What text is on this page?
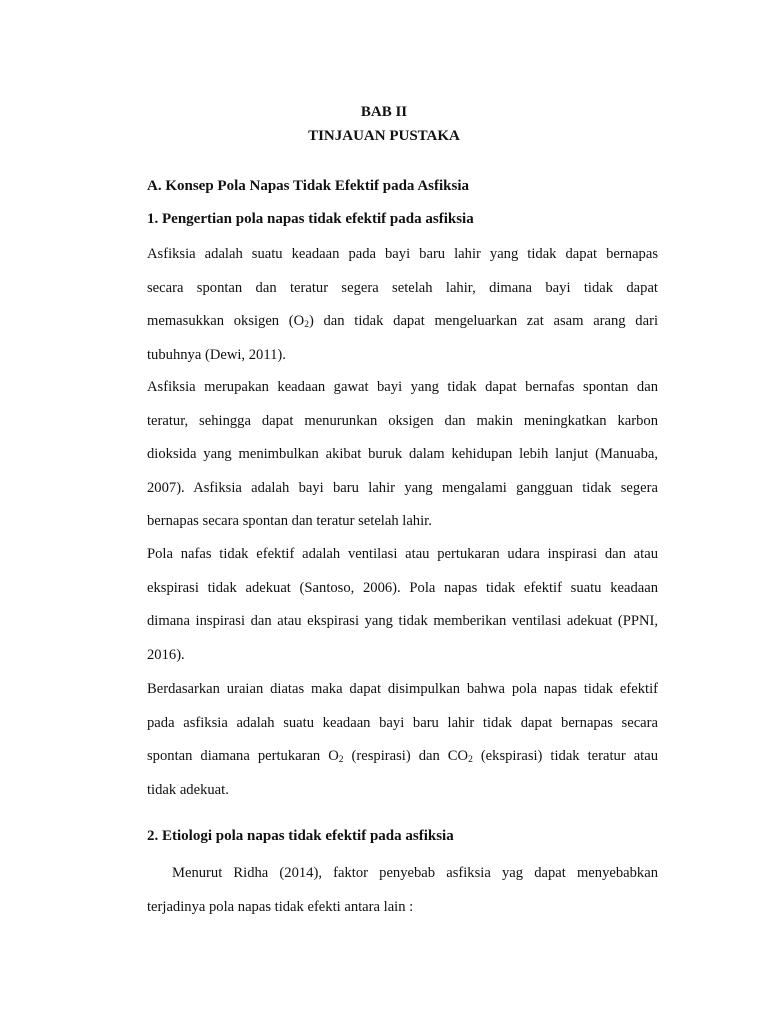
BAB II
TINJAUAN PUSTAKA
A. Konsep Pola Napas Tidak Efektif pada Asfiksia
1. Pengertian pola napas tidak efektif pada asfiksia
Asfiksia adalah suatu keadaan pada bayi baru lahir yang tidak dapat bernapas
secara spontan dan teratur segera setelah lahir, dimana bayi tidak dapat
memasukkan oksigen $(O_2)$ dan tidak dapat mengeluarkan zat asam arang dari
tubuhnya (Dewi, 2011).
Asfiksia merupakan keadaan gawat bayi yang tidak dapat bernafas spontan dan
teratur, sehingga dapat menurunkan oksigen dan makin meningkatkan karbon
dioksida yang menimbulkan akibat buruk dalam kehidupan lebih lanjut (Manuaba,
2007). Asfiksia adalah bayi baru lahir yang mengalami gangguan tidak segera
bernapas secara spontan dan teratur setelah lahir.
Pola nafas tidak efektif adalah ventilasi atau pertukaran udara inspirasi dan atau
ekspirasi tidak adekuat (Santoso, 2006). Pola napas tidak efektif suatu keadaan
dimana inspirasi dan atau ekspirasi yang tidak memberikan ventilasi adekuat (PPNI,
2016).
Berdasarkan uraian diatas maka dapat disimpulkan bahwa pola napas tidak efektif
pada asfiksia adalah suatu keadaan bayi baru lahir tidak dapat bernapas secara
spontan diamana pertukaran $O_2$ (respirasi) dan $CO_2$ (ekspirasi) tidak teratur atau
tidak adekuat.
2. Etiologi pola napas tidak efektif pada asfiksia
Menurut Ridha (2014), faktor penyebab asfiksia yag dapat menyebabkan
terjadinya pola napas tidak efekti antara lain :
